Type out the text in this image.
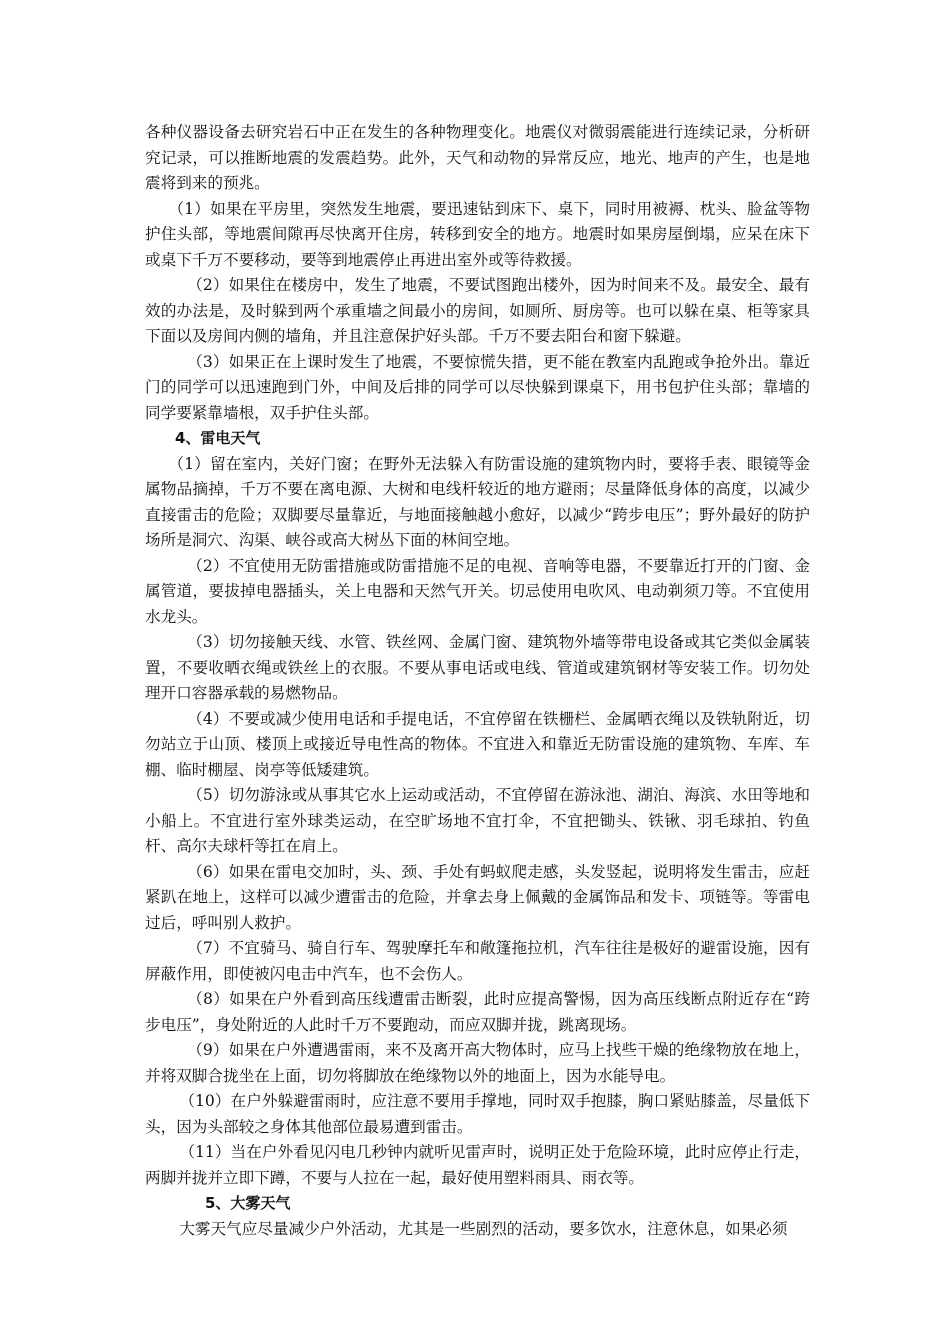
各种仪器设备去研究岩石中正在发生的各种物理变化。地震仪对微弱震能进行连续记录，分析研究记录，可以推断地震的发震趋势。此外，天气和动物的异常反应，地光、地声的产生，也是地震将到来的预兆。

（1）如果在平房里，突然发生地震，要迅速钻到床下、桌下，同时用被褥、枕头、脸盆等物护住头部，等地震间隙再尽快离开住房，转移到安全的地方。地震时如果房屋倒塌，应呆在床下或桌下千万不要移动，要等到地震停止再进出室外或等待救援。

（2）如果住在楼房中，发生了地震，不要试图跑出楼外，因为时间来不及。最安全、最有效的办法是，及时躲到两个承重墙之间最小的房间，如厕所、厨房等。也可以躲在桌、柜等家具下面以及房间内侧的墙角，并且注意保护好头部。千万不要去阳台和窗下躲避。

（3）如果正在上课时发生了地震，不要惊慌失措，更不能在教室内乱跑或争抢外出。靠近门的同学可以迅速跑到门外，中间及后排的同学可以尽快躲到课桌下，用书包护住头部；靠墙的同学要紧靠墙根，双手护住头部。

4、雷电天气

（1）留在室内，关好门窗；在野外无法躲入有防雷设施的建筑物内时，要将手表、眼镜等金属物品摘掉，千万不要在离电源、大树和电线杆较近的地方避雨；尽量降低身体的高度，以减少直接雷击的危险；双脚要尽量靠近，与地面接触越小愈好，以减少“跨步电压”；野外最好的防护场所是洞穴、沟渠、峡谷或高大树丛下面的林间空地。

（2）不宜使用无防雷措施或防雷措施不足的电视、音响等电器，不要靠近打开的门窗、金属管道，要拔掉电器插头，关上电器和天然气开关。切忌使用电吹风、电动剃须刀等。不宜使用水龙头。

（3）切勿接触天线、水管、铁丝网、金属门窗、建筑物外墙等带电设备或其它类似金属装置，不要收晒衣绳或铁丝上的衣服。不要从事电话或电线、管道或建筑钢材等安装工作。切勿处理开口容器承载的易燃物品。

（4）不要或减少使用电话和手提电话，不宜停留在铁栅栏、金属晒衣绳以及铁轨附近，切勿站立于山顶、楼顶上或接近导电性高的物体。不宜进入和靠近无防雷设施的建筑物、车库、车棚、临时棚屋、岗亭等低矮建筑。

（5）切勿游泳或从事其它水上运动或活动，不宜停留在游泳池、湖泊、海滨、水田等地和小船上。不宜进行室外球类运动，在空旷场地不宜打伞，不宜把锄头、铁锹、羽毛球拍、钓鱼杆、高尔夫球杆等扛在肩上。

（6）如果在雷电交加时，头、颈、手处有蚂蚁爬走感，头发竖起，说明将发生雷击，应赶紧趴在地上，这样可以减少遭雷击的危险，并拿去身上佩戴的金属饰品和发卡、项链等。等雷电过后，呼叫别人救护。

（7）不宜骑马、骑自行车、驾驶摩托车和敞篷拖拉机，汽车往往是极好的避雷设施，因有屏蔽作用，即使被闪电击中汽车，也不会伤人。

（8）如果在户外看到高压线遭雷击断裂，此时应提高警惕，因为高压线断点附近存在“跨步电压”，身处附近的人此时千万不要跑动，而应双脚并拢，跳离现场。

（9）如果在户外遭遇雷雨，来不及离开高大物体时，应马上找些干燥的绝缘物放在地上，并将双脚合拢坐在上面，切勿将脚放在绝缘物以外的地面上，因为水能导电。

（10）在户外躲避雷雨时，应注意不要用手撑地，同时双手抱膝，胸口紧贴膝盖，尽量低下头，因为头部较之身体其他部位最易遭到雷击。

（11）当在户外看见闪电几秒钟内就听见雷声时，说明正处于危险环境，此时应停止行走，两脚并拢并立即下蹲，不要与人拉在一起，最好使用塑料雨具、雨衣等。

5、大雾天气

大雾天气应尽量减少户外活动，尤其是一些剧烈的活动，要多饮水，注意休息，如果必须
